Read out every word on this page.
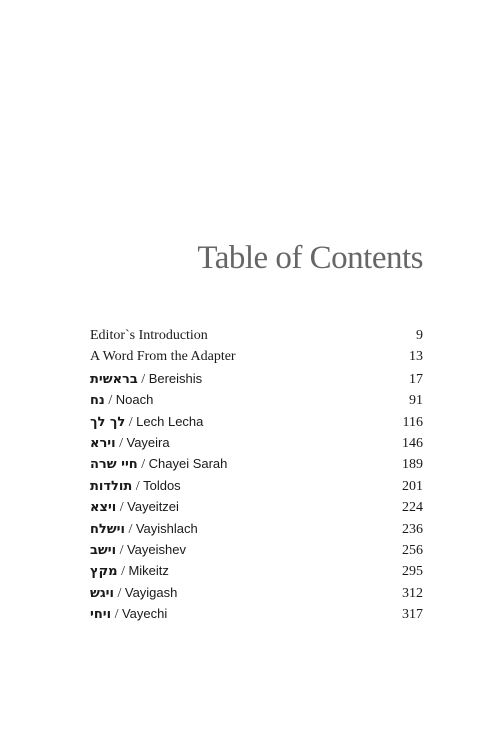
Table of Contents
Editor`s Introduction	9
A Word From the Adapter	13
בראשית / Bereishis	17
נח / Noach	91
לך לך / Lech Lecha	116
וירא / Vayeira	146
חיי שרה / Chayei Sarah	189
תולדות / Toldos	201
ויצא / Vayeitzei	224
וישלח / Vayishlach	236
וישב / Vayeishev	256
מקץ / Mikeitz	295
ויגש / Vayigash	312
ויחי / Vayechi	317
